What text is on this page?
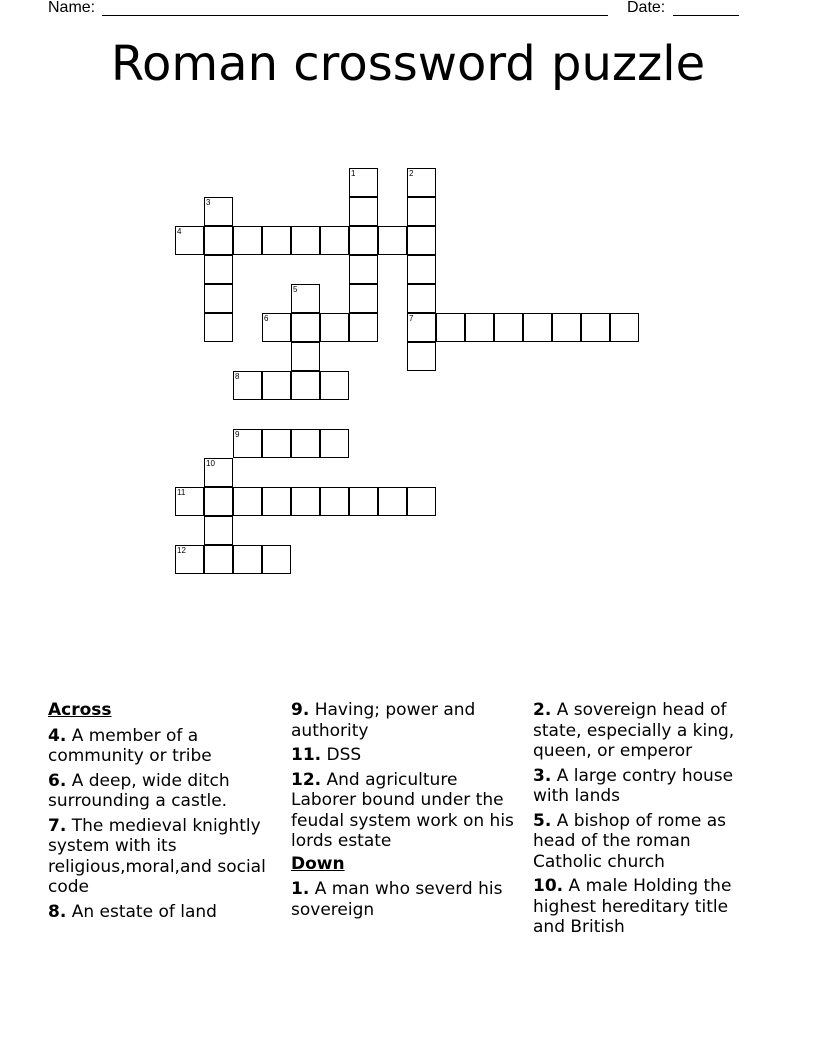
Name:	Date:
Roman crossword puzzle
1	2
7
3
4
5
6
8
9
10
11
12
Across
4. A member of a community or tribe
6. A deep, wide ditch surrounding a castle.
7. The medieval knightly system with its religious,moral,and social code
8. An estate of land
9. Having; power and authority
11. DSS
12. And agriculture Laborer bound under the feudal system work on his lords estate
Down
1. A man who severd his sovereign
2. A sovereign head of state, especially a king, queen, or emperor
3. A large contry house with lands
5. A bishop of rome as head of the roman Catholic church
10. A male Holding the highest hereditary title and British
